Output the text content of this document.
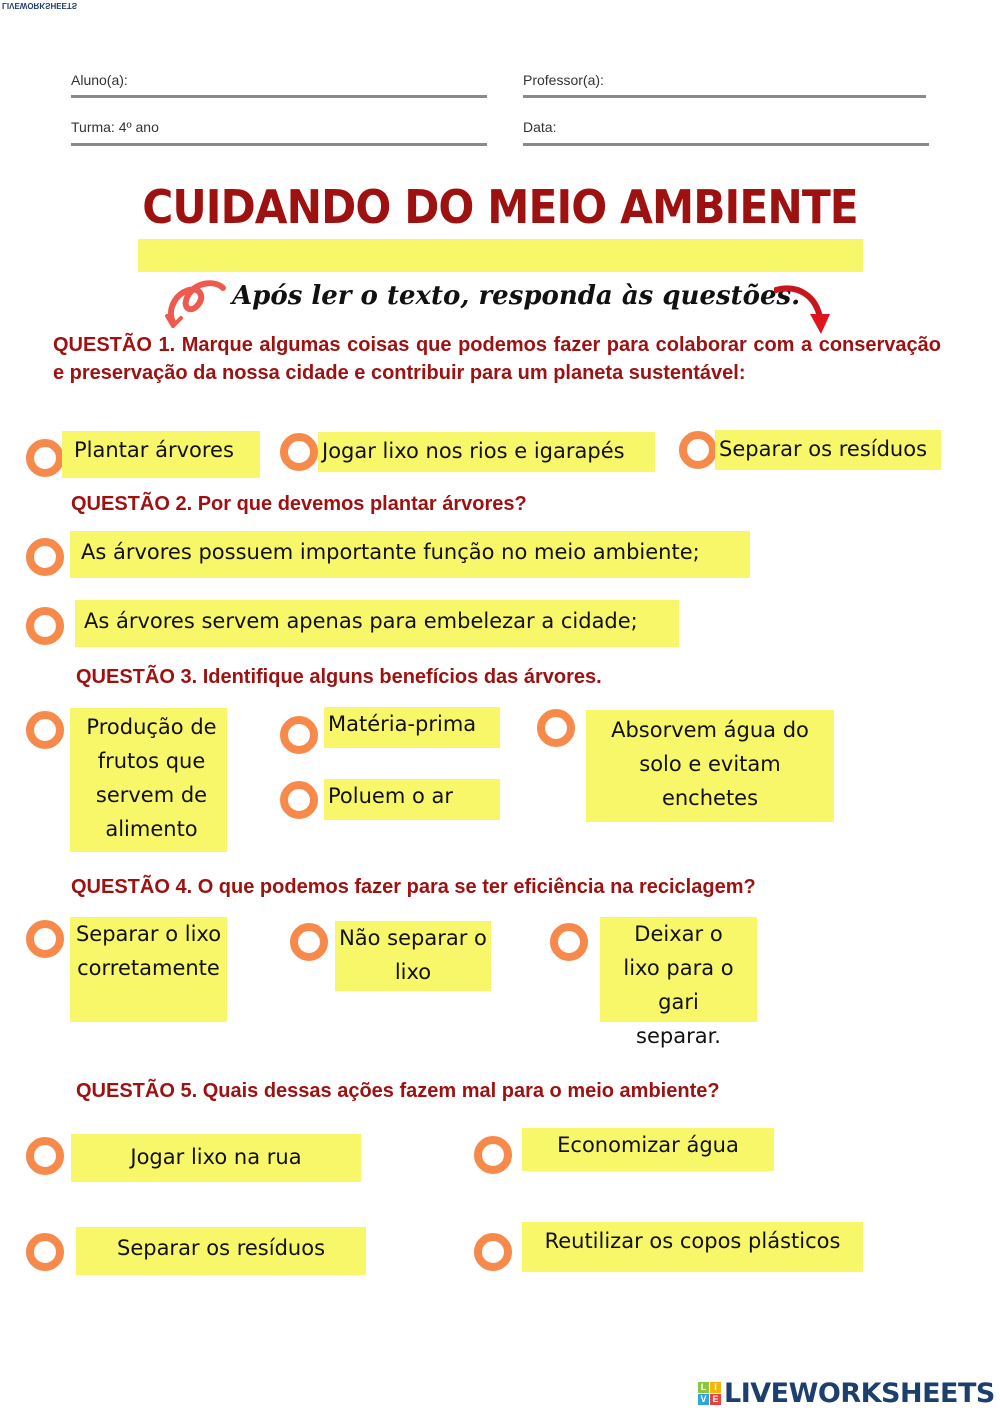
LIVEWORKSHEETS
Aluno(a):	Professor(a):
Turma: 4º ano	Data:
CUIDANDO DO MEIO AMBIENTE
Após ler o texto, responda às questões.
QUESTÃO 1. Marque algumas coisas que podemos fazer para colaborar com a conservação e preservação da nossa cidade e contribuir para um planeta sustentável:
Plantar árvores	Jogar lixo nos rios e igarapés	Separar os resíduos
QUESTÃO 2. Por que devemos plantar árvores?
As árvores possuem importante função no meio ambiente;
As árvores servem apenas para embelezar a cidade;
QUESTÃO 3. Identifique alguns benefícios das árvores.
Produção de frutos que servem de alimento
Matéria-prima
Poluem o ar
Absorvem água do solo e evitam enchetes
QUESTÃO 4. O que podemos fazer para se ter eficiência na reciclagem?
Separar o lixo corretamente
Não separar o lixo
Deixar o lixo para o gari separar.
QUESTÃO 5. Quais dessas ações fazem mal para o meio ambiente?
Jogar lixo na rua	Economizar água
Separar os resíduos	Reutilizar os copos plásticos
L I
V E LIVEWORKSHEETS
